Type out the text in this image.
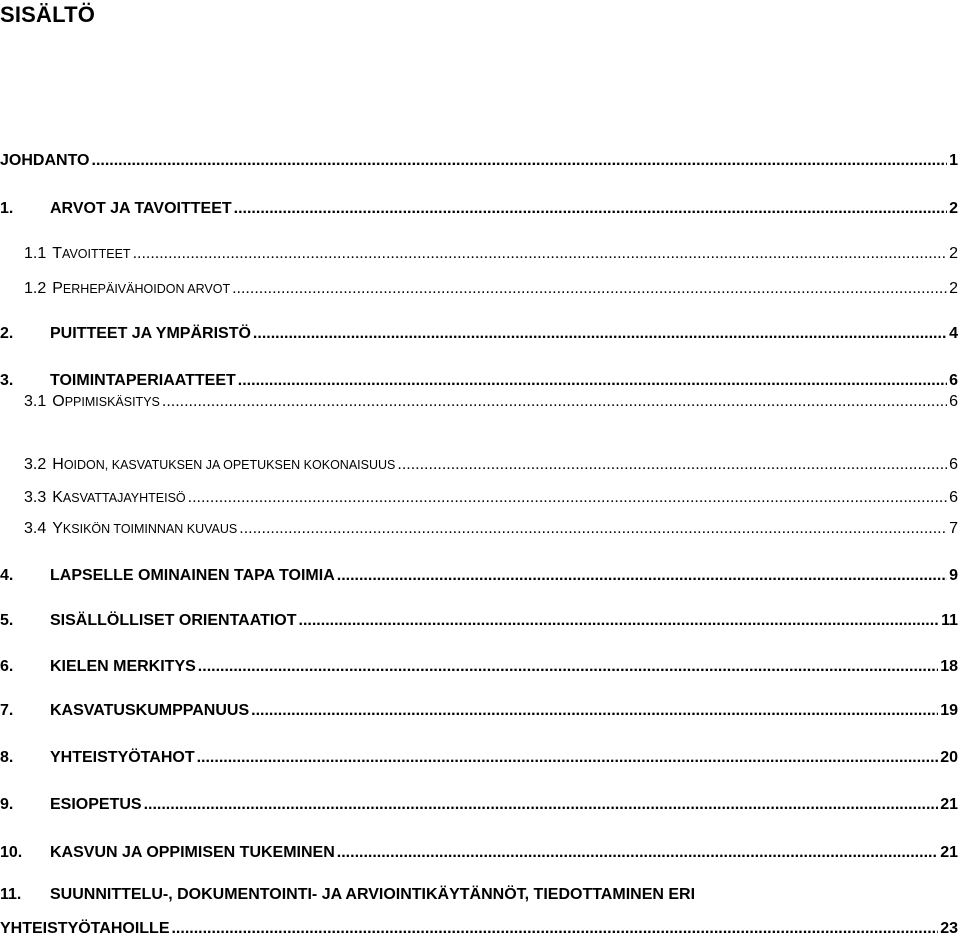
SISÄLTÖ
JOHDANTO .....	1
1.	ARVOT JA TAVOITTEET .....	2
1.1 TAVOITTEET .....	2
1.2 PERHEPÄIVÄHOIDON ARVOT .....	2
2.	PUITTEET JA YMPÄRISTÖ .....	4
3.	TOIMINTAPERIAATTEET .....	6
3.1 OPPIMISKÄSITYS .....	6
3.2 HOIDON, KASVATUKSEN JA OPETUKSEN KOKONAISUUS .....	6
3.3 KASVATTAJAYHTEISÖ .....	6
3.4 YKSIKÖN TOIMINNAN KUVAUS .....	7
4.	LAPSELLE OMINAINEN TAPA TOIMIA .....	9
5.	SISÄLLÖLLISET ORIENTAATIOT .....	11
6.	KIELEN MERKITYS .....	18
7.	KASVATUSKUMPPANUUS .....	19
8.	YHTEISTYÖTAHOT .....	20
9.	ESIOPETUS .....	21
10.	KASVUN JA OPPIMISEN TUKEMINEN .....	21
11. SUUNNITTELU-, DOKUMENTOINTI- JA ARVIOINTIKÄYTÄNNÖT, TIEDOTTAMINEN ERI
YHTEISTYÖTAHOILLE .....	23
